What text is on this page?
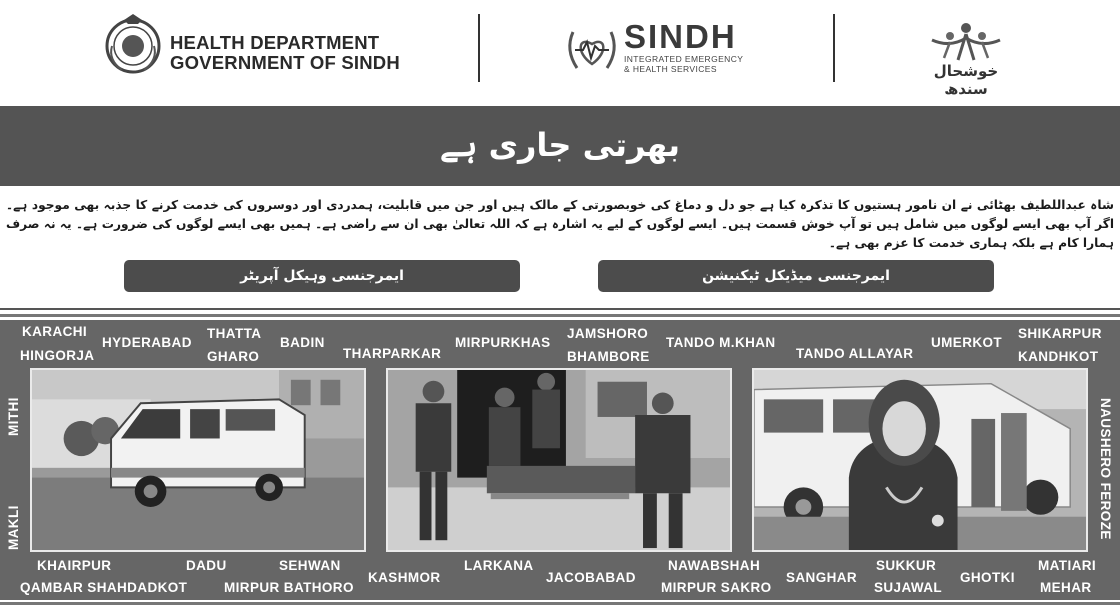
HEALTH DEPARTMENT
GOVERNMENT OF SINDH
SINDH
INTEGRATED EMERGENCY
& HEALTH SERVICES	خوشحال سندھ
بھرتی جاری ہے
شاہ عبداللطیف بھٹائی نے ان نامور ہستیوں کا تذکرہ کیا ہے جو دل و دماغ کی خوبصورتی کے مالک ہیں اور جن میں قابلیت، ہمدردی اور دوسروں کی خدمت کرنے کا جذبہ بھی موجود ہے۔ اگر آپ بھی ایسے لوگوں میں شامل ہیں تو آپ خوش قسمت ہیں۔ ایسے لوگوں کے لیے یہ اشارہ ہے کہ اللہ تعالیٰ بھی ان سے راضی ہے۔ ہمیں بھی ایسے لوگوں کی ضرورت ہے۔ یہ نہ صرف ہمارا کام ہے بلکہ ہماری خدمت کا عزم بھی ہے۔
ایمرجنسی وہیکل آپریٹر	ایمرجنسی میڈیکل ٹیکنیشن
KARACHI
HINGORJA
HYDERABAD
THATTA
GHARO
BADIN
THARPARKAR
MIRPURKHAS
JAMSHORO
BHAMBORE
TANDO M.KHAN
TANDO ALLAYAR
UMERKOT
SHIKARPUR
KANDHKOT
MITHI
MAKLI	NAUSHERO FEROZE
KHAIRPUR
QAMBAR SHAHDADKOT
DADU	SEHWAN
MIRPUR BATHORO
KASHMOR
LARKANA
JACOBABAD
NAWABSHAH
MIRPUR SAKRO
SANGHAR
SUKKUR
SUJAWAL
GHOTKI
MATIARI
MEHAR
